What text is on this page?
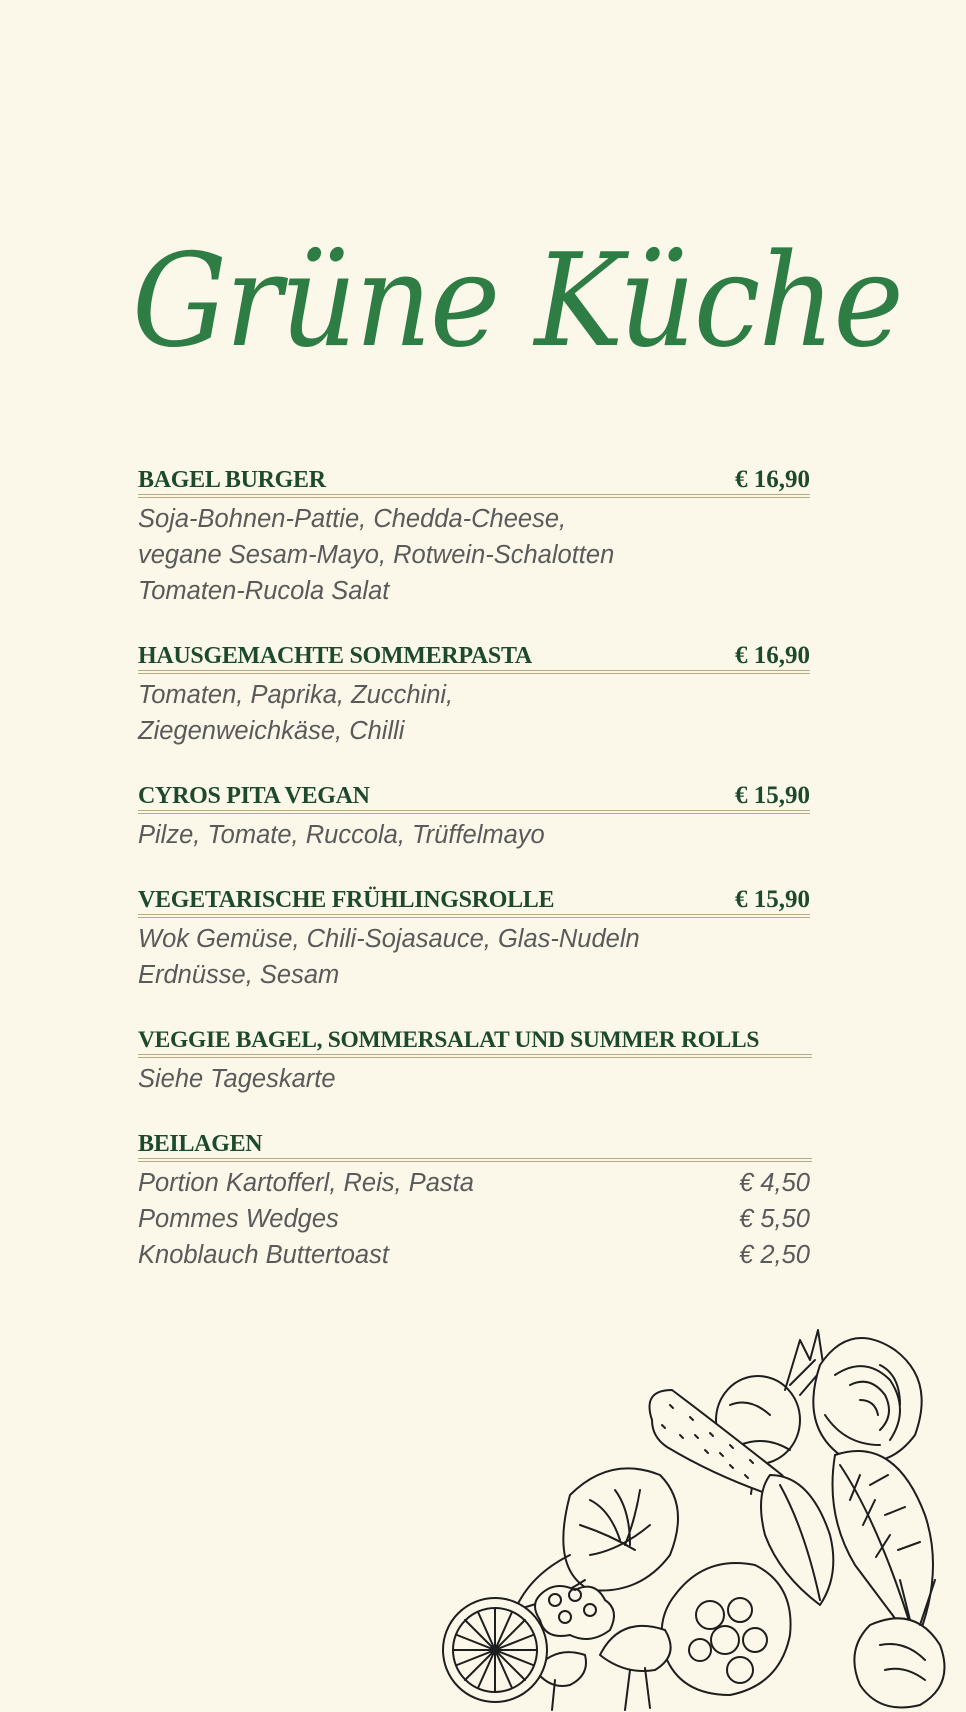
Grüne Küche
BAGEL BURGER	€ 16,90
Soja-Bohnen-Pattie, Chedda-Cheese,
vegane Sesam-Mayo, Rotwein-Schalotten
Tomaten-Rucola Salat
HAUSGEMACHTE SOMMERPASTA	€ 16,90
Tomaten, Paprika, Zucchini,
Ziegenweichkäse, Chilli
CYROS PITA VEGAN	€ 15,90
Pilze, Tomate, Ruccola, Trüffelmayo
VEGETARISCHE FRÜHLINGSROLLE	€ 15,90
Wok Gemüse, Chili-Sojasauce, Glas-Nudeln
Erdnüsse, Sesam
VEGGIE BAGEL, SOMMERSALAT UND SUMMER ROLLS
Siehe Tageskarte
BEILAGEN
Portion Kartofferl, Reis, Pasta	€ 4,50
Pommes Wedges	€ 5,50
Knoblauch Buttertoast	€ 2,50
